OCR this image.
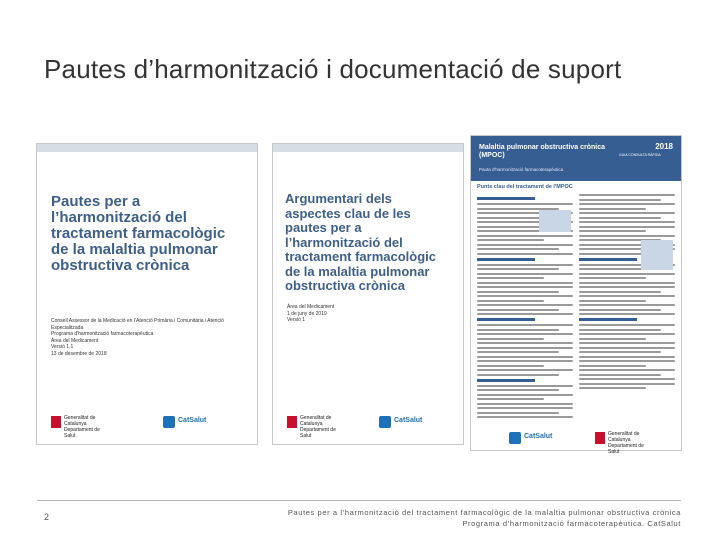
Pautes d’harmonització i documentació de suport
Pautes per a l’harmonització del tractament farmacològic de la malaltia pulmonar obstructiva crònica
Consell Assessor de la Medicació en l’Atenció Primària i Comunitària i Atenció Especialitzada
Programa d'harmonització farmacoterapèutica
Àrea del Medicament
Versió 1.1
13 de desembre de 2018
Generalitat de Catalunya
Departament de Salut
CatSalut
Argumentari dels aspectes clau de les pautes per a l’harmonització del tractament farmacològic de la malaltia pulmonar obstructiva crònica
Àrea del Medicament
1 de juny de 2019
Versió 1
Generalitat de Catalunya
Departament de Salut
CatSalut
Malaltia pulmonar obstructiva crònica (MPOC)
Pauta d'harmonització farmacoterapèutica
2018
GUIA CONSULTA RÀPIDA
Punts clau del tractament de l'MPOC
CatSalut	Generalitat de Catalunya
Departament de Salut
2	Pautes per a l’harmonització del tractament farmacològic de la malaltia pulmonar obstructiva crònica
Programa d’harmonització farmacoterapèutica. CatSalut
